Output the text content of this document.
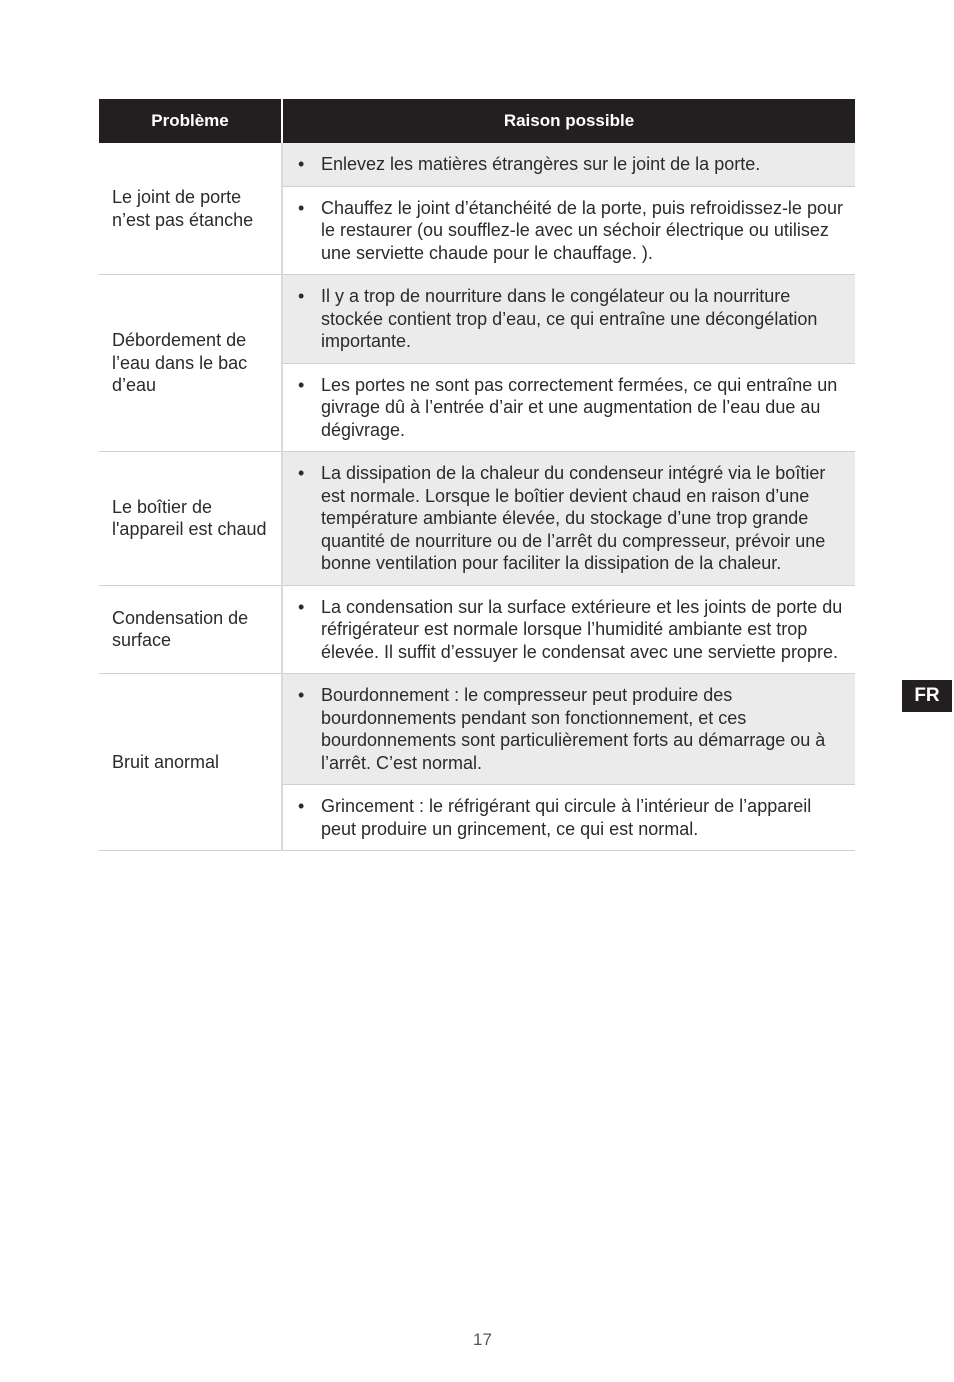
Problème	Raison possible
Le joint de porte n’est pas étanche	• Enlevez les matières étrangères sur le joint de la porte.

	• Chauffez le joint d’étanchéité de la porte, puis refroidissez-le pour le restaurer (ou soufflez-le avec un séchoir électrique ou utilisez une serviette chaude pour le chauffage. ).
Débordement de l’eau dans le bac d’eau	• Il y a trop de nourriture dans le congélateur ou la nourriture stockée contient trop d’eau, ce qui entraîne une décongélation importante.

	• Les portes ne sont pas correctement fermées, ce qui entraîne un givrage dû à l’entrée d’air et une augmentation de l’eau due au dégivrage.
Le boîtier de l'appareil est chaud	• La dissipation de la chaleur du condenseur intégré via le boîtier est normale. Lorsque le boîtier devient chaud en raison d’une température ambiante élevée, du stockage d’une trop grande quantité de nourriture ou de l’arrêt du compresseur, prévoir une bonne ventilation pour faciliter la dissipation de la chaleur.
Condensation de surface	• La condensation sur la surface extérieure et les joints de porte du réfrigérateur est normale lorsque l’humidité ambiante est trop élevée. Il suffit d’essuyer le condensat avec une serviette propre.
Bruit anormal	• Bourdonnement : le compresseur peut produire des bourdonnements pendant son fonctionnement, et ces bourdonnements sont particulièrement forts au démarrage ou à l’arrêt. C’est normal.

	• Grincement : le réfrigérant qui circule à l’intérieur de l’appareil peut produire un grincement, ce qui est normal.
FR
17
